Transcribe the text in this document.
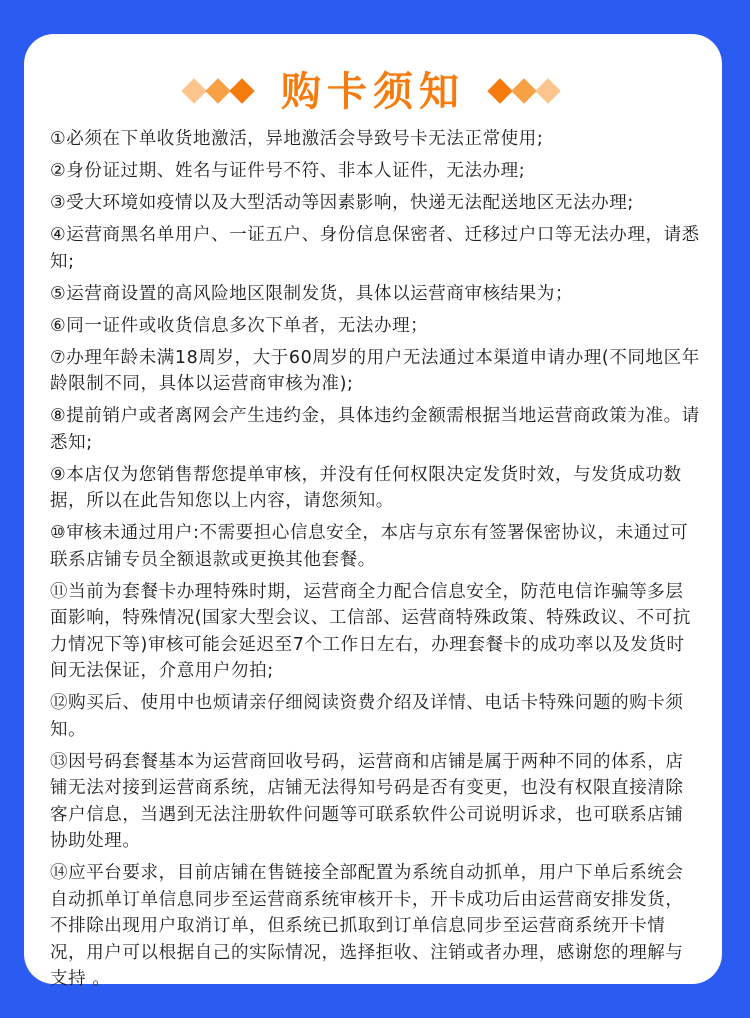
购卡须知
①必须在下单收货地激活，异地激活会导致号卡无法正常使用;
②身份证过期、姓名与证件号不符、非本人证件，无法办理;
③受大环境如疫情以及大型活动等因素影响，快递无法配送地区无法办理;
④运营商黑名单用户、一证五户、身份信息保密者、迁移过户口等无法办理，请悉知;
⑤运营商设置的高风险地区限制发货，具体以运营商审核结果为；
⑥同一证件或收货信息多次下单者，无法办理；
⑦办理年龄未满18周岁，大于60周岁的用户无法通过本渠道申请办理(不同地区年龄限制不同，具体以运营商审核为准);
⑧提前销户或者离网会产生违约金，具体违约金额需根据当地运营商政策为准。请悉知;
⑨本店仅为您销售帮您提单审核，并没有任何权限决定发货时效，与发货成功数据，所以在此告知您以上内容，请您须知。
⑩审核未通过用户:不需要担心信息安全，本店与京东有签署保密协议，未通过可联系店铺专员全额退款或更换其他套餐。
⑪当前为套餐卡办理特殊时期，运营商全力配合信息安全，防范电信诈骗等多层面影响，特殊情况(国家大型会议、工信部、运营商特殊政策、特殊政议、不可抗力情况下等)审核可能会延迟至7个工作日左右，办理套餐卡的成功率以及发货时间无法保证，介意用户勿拍;
⑫购买后、使用中也烦请亲仔细阅读资费介绍及详情、电话卡特殊问题的购卡须知。
⑬因号码套餐基本为运营商回收号码，运营商和店铺是属于两种不同的体系，店铺无法对接到运营商系统，店铺无法得知号码是否有变更，也没有权限直接清除客户信息，当遇到无法注册软件问题等可联系软件公司说明诉求，也可联系店铺协助处理。
⑭应平台要求，目前店铺在售链接全部配置为系统自动抓单，用户下单后系统会自动抓单订单信息同步至运营商系统审核开卡，开卡成功后由运营商安排发货，不排除出现用户取消订单，但系统已抓取到订单信息同步至运营商系统开卡情况，用户可以根据自己的实际情况，选择拒收、注销或者办理，感谢您的理解与支持 。
